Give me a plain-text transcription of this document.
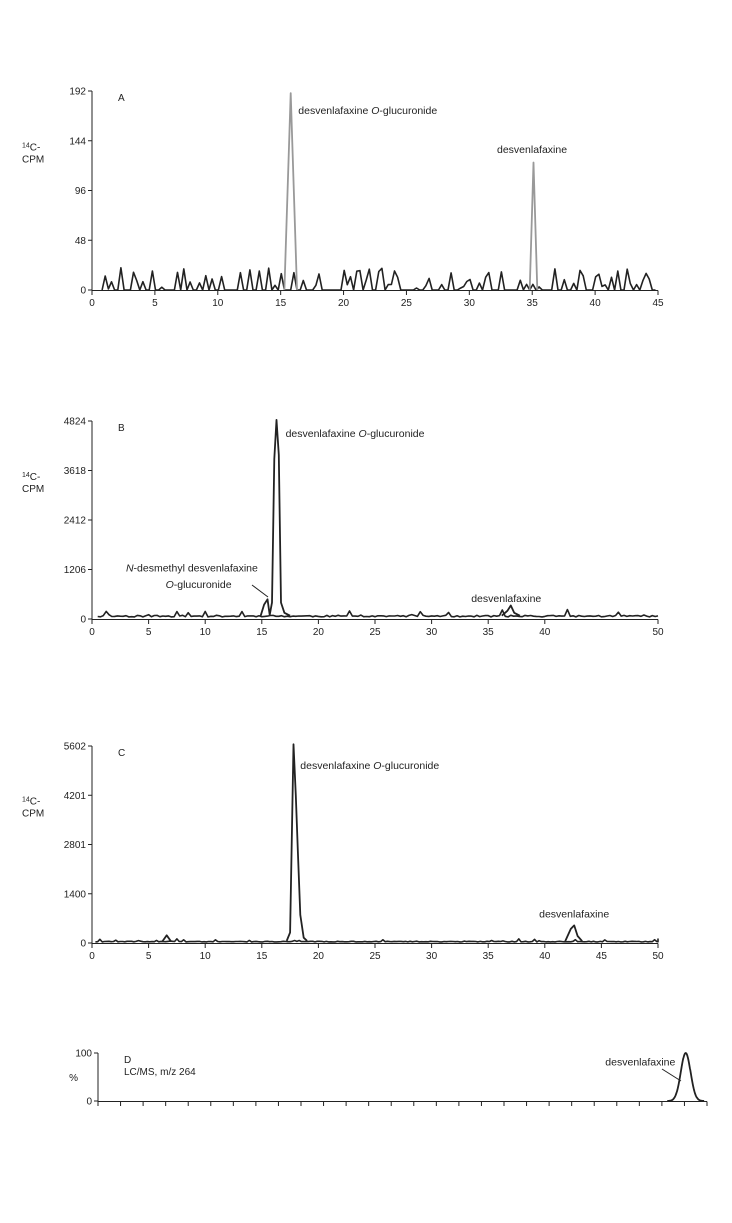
0
48
96
144
192
0	5	10	15	20	25	30	35	40	45
$^{14}$C-
CPM
A
desvenlafaxine O-glucuronide
desvenlafaxine
0
1206
2412
3618
4824
0	5	10	15	20	25	30	35	40	50
$^{14}$C-
CPM
B	desvenlafaxine O-glucuronide
N-desmethyl desvenlafaxine
O-glucuronide
desvenlafaxine
0
1400
2801
4201
5602
0	5	10	15	20	25	30	35	40	45	50
$^{14}$C-
CPM
C
desvenlafaxine O-glucuronide
desvenlafaxine
0
100
%
D
LC/MS, m/z 264
desvenlafaxine
